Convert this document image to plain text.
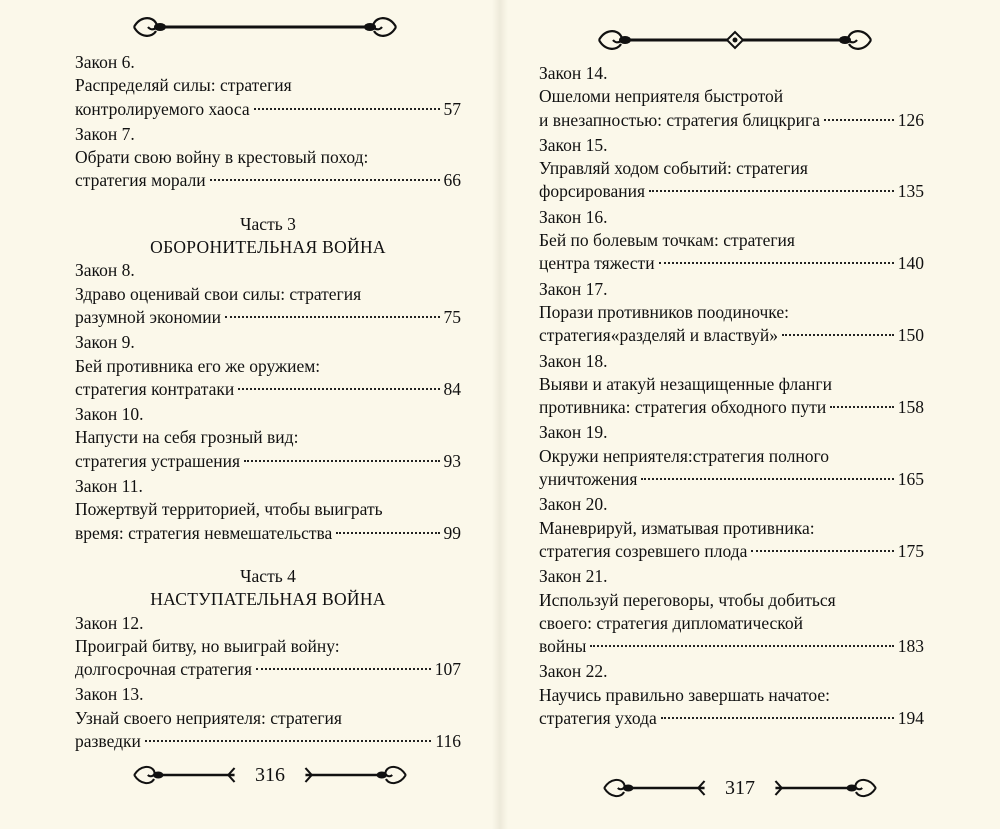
Закон 6.
Распределяй силы: стратегия
контролируемого хаоса	57
Закон 7.
Обрати свою войну в крестовый поход:
стратегия морали	66
Часть 3
ОБОРОНИТЕЛЬНАЯ ВОЙНА
Закон 8.
Здраво оценивай свои силы: стратегия
разумной экономии	75
Закон 9.
Бей противника его же оружием:
стратегия контратаки	84
Закон 10.
Напусти на себя грозный вид:
стратегия устрашения	93
Закон 11.
Пожертвуй территорией, чтобы выиграть
время: стратегия невмешательства	99
Часть 4
НАСТУПАТЕЛЬНАЯ ВОЙНА
Закон 12.
Проиграй битву, но выиграй войну:
долгосрочная стратегия	107
Закон 13.
Узнай своего неприятеля: стратегия
разведки	116
316
Закон 14.
Ошеломи неприятеля быстротой
и внезапностью: стратегия блицкрига	126
Закон 15.
Управляй ходом событий: стратегия
форсирования	135
Закон 16.
Бей по болевым точкам: стратегия
центра тяжести	140
Закон 17.
Порази противников поодиночке:
стратегия«разделяй и властвуй»	150
Закон 18.
Выяви и атакуй незащищенные фланги
противника: стратегия обходного пути	158
Закон 19.
Окружи неприятеля:стратегия полного
уничтожения	165
Закон 20.
Маневрируй, изматывая противника:
стратегия созревшего плода	175
Закон 21.
Используй переговоры, чтобы добиться
своего: стратегия дипломатической
войны	183
Закон 22.
Научись правильно завершать начатое:
стратегия ухода	194
317
